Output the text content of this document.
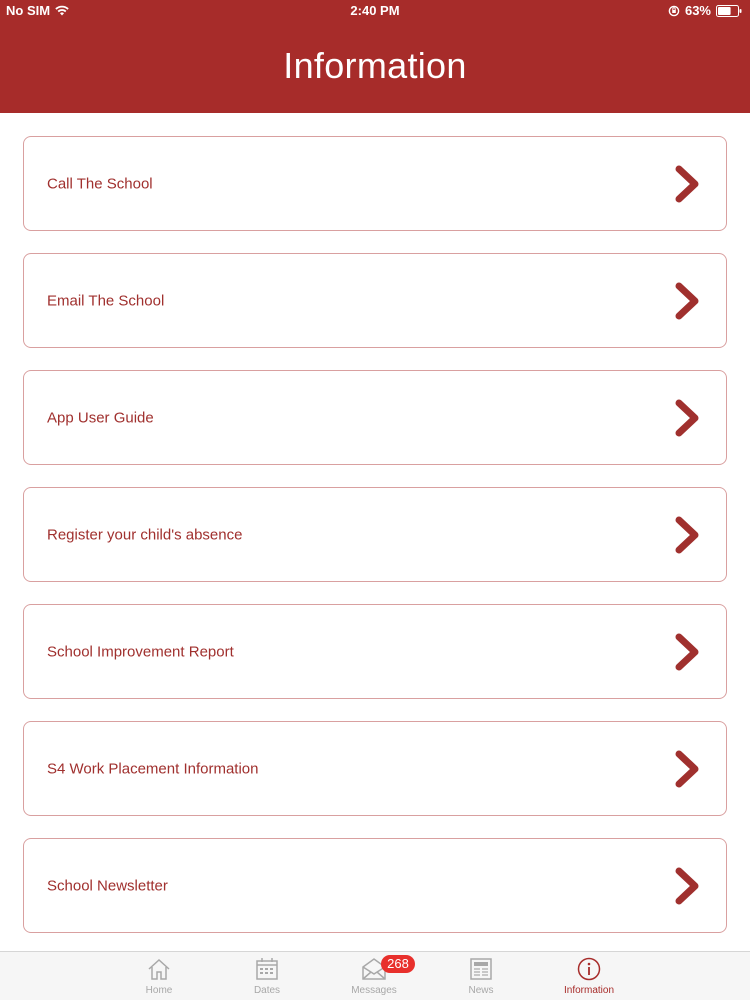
No SIM	2:40 PM	63%
Information
Call The School
Email The School
App User Guide
Register your child's absence
School Improvement Report
S4 Work Placement Information
School Newsletter
Home	Dates	Messages	News	Information
268
